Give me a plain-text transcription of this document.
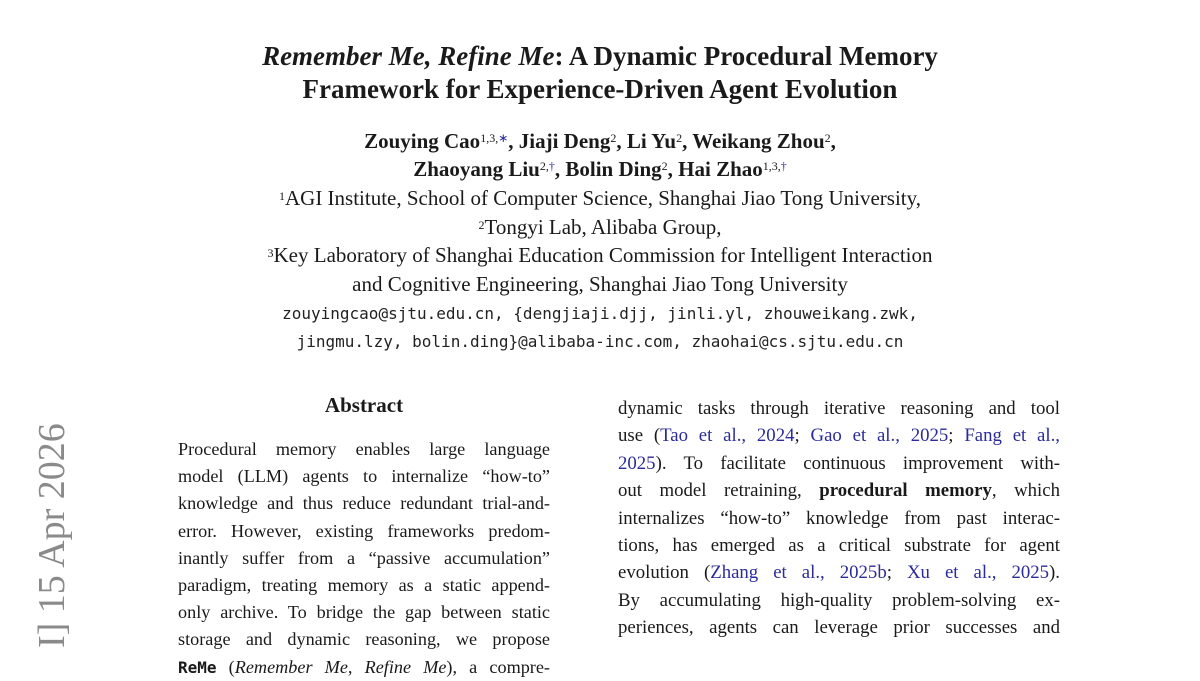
Remember Me, Refine Me: A Dynamic Procedural Memory
Framework for Experience-Driven Agent Evolution
Zouying Cao$^{1,3,∗}$, Jiaji Deng$^2$, Li Yu$^2$, Weikang Zhou$^2$,
Zhaoyang Liu$^{2,\dagger}$, Bolin Ding$^2$, Hai Zhao$^{1,3,\dagger}$
$^1$AGI Institute, School of Computer Science, Shanghai Jiao Tong University,
$^2$Tongyi Lab, Alibaba Group,
$^3$Key Laboratory of Shanghai Education Commission for Intelligent Interaction
and Cognitive Engineering, Shanghai Jiao Tong University
zouyingcao@sjtu.edu.cn, {dengjiaji.djj, jinli.yl, zhouweikang.zwk,
jingmu.lzy, bolin.ding}@alibaba-inc.com, zhaohai@cs.sjtu.edu.cn
I] 15 Apr 2026
Abstract
Procedural memory enables large language
model (LLM) agents to internalize “how-to”
knowledge and thus reduce redundant trial-and-
error. However, existing frameworks predom-
inantly suffer from a “passive accumulation”
paradigm, treating memory as a static append-
only archive. To bridge the gap between static
storage and dynamic reasoning, we propose
ReMe (Remember Me, Refine Me), a compre-
dynamic tasks through iterative reasoning and tool
use (Tao et al., 2024; Gao et al., 2025; Fang et al.,
2025). To facilitate continuous improvement with-
out model retraining, procedural memory, which
internalizes “how-to” knowledge from past interac-
tions, has emerged as a critical substrate for agent
evolution (Zhang et al., 2025b; Xu et al., 2025).
By accumulating high-quality problem-solving ex-
periences, agents can leverage prior successes and
